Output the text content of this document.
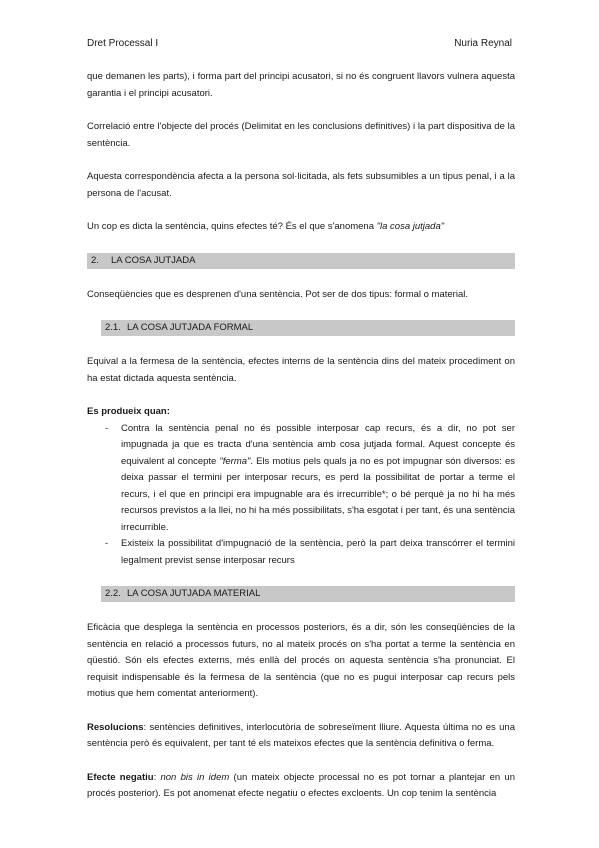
Dret Processal I	Nuria Reynal

que demanen les parts), i forma part del principi acusatori, si no és congruent llavors vulnera aquesta garantia i el principi acusatori.

Correlació entre l'objecte del procés (Delimitat en les conclusions definitives) i la part dispositiva de la sentència.

Aquesta correspondència afecta a la persona sol·licitada, als fets subsumibles a un tipus penal, i a la persona de l'acusat.

Un cop es dicta la sentència, quins efectes té? És el que s'anomena "la cosa jutjada"

2. LA COSA JUTJADA

Conseqüències que es desprenen d'una sentència. Pot ser de dos tipus: formal o material.

2.1. LA COSA JUTJADA FORMAL

Equival a la fermesa de la sentència, efectes interns de la sentència dins del mateix procediment on ha estat dictada aquesta sentència.

Es produeix quan:

- Contra la sentència penal no és possible interposar cap recurs, és a dir, no pot ser impugnada ja que es tracta d'una sentència amb cosa jutjada formal. Aquest concepte és equivalent al concepte "ferma". Els motius pels quals ja no es pot impugnar són diversos: es deixa passar el termini per interposar recurs, es perd la possibilitat de portar a terme el recurs, i el que en principi era impugnable ara és irrecurrible*; o bé perquè ja no hi ha més recursos previstos a la llei, no hi ha més possibilitats, s'ha esgotat i per tant, és una sentència irrecurrible.
- Existeix la possibilitat d'impugnació de la sentència, però la part deixa transcórrer el termini legalment previst sense interposar recurs
2.2. LA COSA JUTJADA MATERIAL

Eficàcia que desplega la sentència en processos posteriors, és a dir, són les conseqüències de la sentència en relació a processos futurs, no al mateix procés on s'ha portat a terme la sentència en qüestió. Són els efectes externs, més enllà del procés on aquesta sentència s'ha pronunciat. El requisit indispensable és la fermesa de la sentència (que no es pugui interposar cap recurs pels motius que hem comentat anteriorment).

Resolucions: sentències definitives, interlocutòria de sobreseïment lliure. Aquesta última no es una sentència però és equivalent, per tant té els mateixos efectes que la sentència definitiva o ferma.

Efecte negatiu: non bis in idem (un mateix objecte processal no es pot tornar a plantejar en un procés posterior). Es pot anomenat efecte negatiu o efectes excloents. Un cop tenim la sentència
